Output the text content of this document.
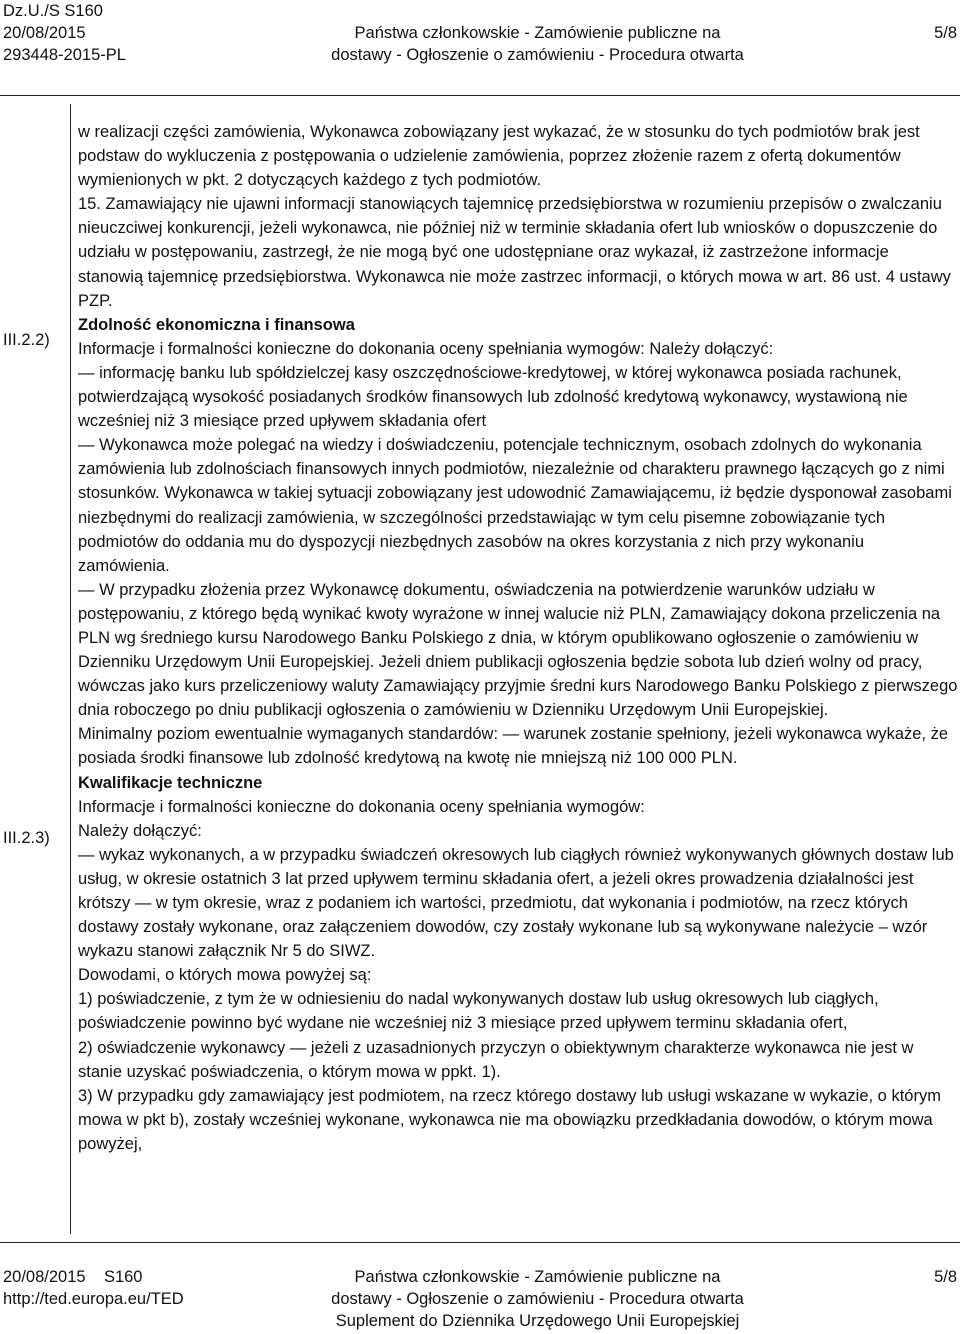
Dz.U./S S160
20/08/2015
293448-2015-PL
Państwa członkowskie - Zamówienie publiczne na
dostawy - Ogłoszenie o zamówieniu - Procedura otwarta
5/8
III.2.2)
III.2.3)

w realizacji części zamówienia, Wykonawca zobowiązany jest wykazać, że w stosunku do tych podmiotów brak jest podstaw do wykluczenia z postępowania o udzielenie zamówienia, poprzez złożenie razem z ofertą dokumentów wymienionych w pkt. 2 dotyczących każdego z tych podmiotów.

15. Zamawiający nie ujawni informacji stanowiących tajemnicę przedsiębiorstwa w rozumieniu przepisów o zwalczaniu nieuczciwej konkurencji, jeżeli wykonawca, nie później niż w terminie składania ofert lub wniosków o dopuszczenie do udziału w postępowaniu, zastrzegł, że nie mogą być one udostępniane oraz wykazał, iż zastrzeżone informacje stanowią tajemnicę przedsiębiorstwa. Wykonawca nie może zastrzec informacji, o których mowa w art. 86 ust. 4 ustawy PZP.

Zdolność ekonomiczna i finansowa

Informacje i formalności konieczne do dokonania oceny spełniania wymogów: Należy dołączyć:

— informację banku lub spółdzielczej kasy oszczędnościowe-kredytowej, w której wykonawca posiada rachunek, potwierdzającą wysokość posiadanych środków finansowych lub zdolność kredytową wykonawcy, wystawioną nie wcześniej niż 3 miesiące przed upływem składania ofert

— Wykonawca może polegać na wiedzy i doświadczeniu, potencjale technicznym, osobach zdolnych do wykonania zamówienia lub zdolnościach finansowych innych podmiotów, niezależnie od charakteru prawnego łączących go z nimi stosunków. Wykonawca w takiej sytuacji zobowiązany jest udowodnić Zamawiającemu, iż będzie dysponował zasobami niezbędnymi do realizacji zamówienia, w szczególności przedstawiając w tym celu pisemne zobowiązanie tych podmiotów do oddania mu do dyspozycji niezbędnych zasobów na okres korzystania z nich przy wykonaniu zamówienia.

— W przypadku złożenia przez Wykonawcę dokumentu, oświadczenia na potwierdzenie warunków udziału w postępowaniu, z którego będą wynikać kwoty wyrażone w innej walucie niż PLN, Zamawiający dokona przeliczenia na PLN wg średniego kursu Narodowego Banku Polskiego z dnia, w którym opublikowano ogłoszenie o zamówieniu w Dzienniku Urzędowym Unii Europejskiej. Jeżeli dniem publikacji ogłoszenia będzie sobota lub dzień wolny od pracy, wówczas jako kurs przeliczeniowy waluty Zamawiający przyjmie średni kurs Narodowego Banku Polskiego z pierwszego dnia roboczego po dniu publikacji ogłoszenia o zamówieniu w Dzienniku Urzędowym Unii Europejskiej.

Minimalny poziom ewentualnie wymaganych standardów: — warunek zostanie spełniony, jeżeli wykonawca wykaże, że posiada środki finansowe lub zdolność kredytową na kwotę nie mniejszą niż 100 000 PLN.

Kwalifikacje techniczne

Informacje i formalności konieczne do dokonania oceny spełniania wymogów:

Należy dołączyć:

— wykaz wykonanych, a w przypadku świadczeń okresowych lub ciągłych również wykonywanych głównych dostaw lub usług, w okresie ostatnich 3 lat przed upływem terminu składania ofert, a jeżeli okres prowadzenia działalności jest krótszy — w tym okresie, wraz z podaniem ich wartości, przedmiotu, dat wykonania i podmiotów, na rzecz których dostawy zostały wykonane, oraz załączeniem dowodów, czy zostały wykonane lub są wykonywane należycie – wzór wykazu stanowi załącznik Nr 5 do SIWZ.

Dowodami, o których mowa powyżej są:

1) poświadczenie, z tym że w odniesieniu do nadal wykonywanych dostaw lub usług okresowych lub ciągłych, poświadczenie powinno być wydane nie wcześniej niż 3 miesiące przed upływem terminu składania ofert,

2) oświadczenie wykonawcy — jeżeli z uzasadnionych przyczyn o obiektywnym charakterze wykonawca nie jest w stanie uzyskać poświadczenia, o którym mowa w ppkt. 1).

3) W przypadku gdy zamawiający jest podmiotem, na rzecz którego dostawy lub usługi wskazane w wykazie, o którym mowa w pkt b), zostały wcześniej wykonane, wykonawca nie ma obowiązku przedkładania dowodów, o którym mowa powyżej,

20/08/2015 S160
http://ted.europa.eu/TED
Państwa członkowskie - Zamówienie publiczne na
dostawy - Ogłoszenie o zamówieniu - Procedura otwarta
Suplement do Dziennika Urzędowego Unii Europejskiej
5/8
